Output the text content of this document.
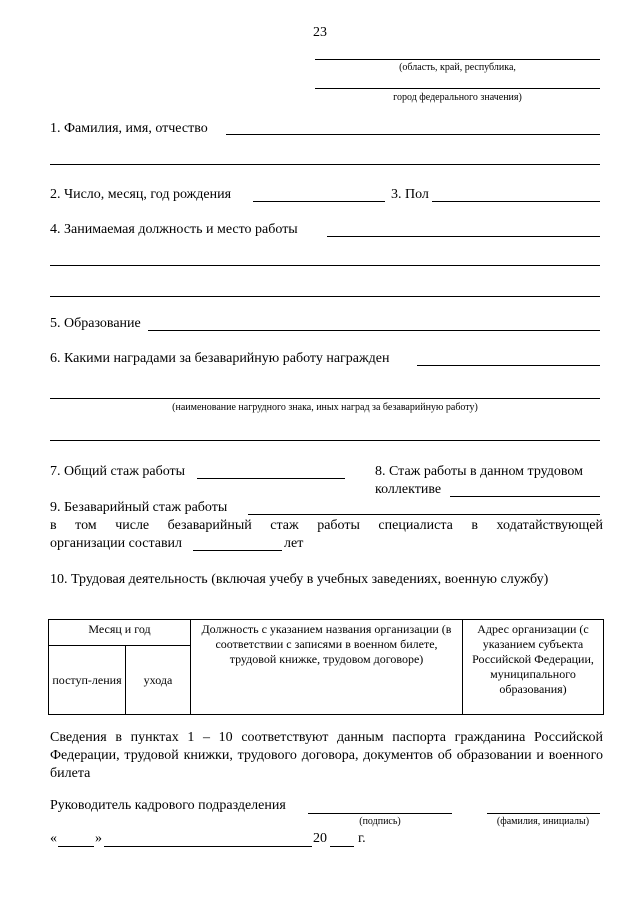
23
(область, край, республика,
город федерального значения)
1. Фамилия, имя, отчество
2. Число, месяц, год рождения	3. Пол
4. Занимаемая должность и место работы
5. Образование
6. Какими наградами за безаварийную работу награжден
(наименование нагрудного знака, иных наград за безаварийную работу)
7. Общий стаж работы	8. Стаж работы в данном трудовом
коллективе
9. Безаварийный стаж работы
в том числе безаварийный стаж работы специалиста в ходатайствующей
организации составил	лет
10. Трудовая деятельность (включая учебу в учебных заведениях, военную службу)
Месяц и год		Должность с указанием названия организации (в соответствии с записями в военном билете, трудовой книжке, трудовом договоре)	Адрес организации (с указанием субъекта Российской Федерации, муниципального образования)
поступ-ления	ухода		
Сведения в пунктах 1 – 10 соответствуют данным паспорта гражданина Российской Федерации, трудовой книжки, трудового договора, документов об образовании и военного билета
Руководитель кадрового подразделения
(подпись)	(фамилия, инициалы)
«	»	20 г.
